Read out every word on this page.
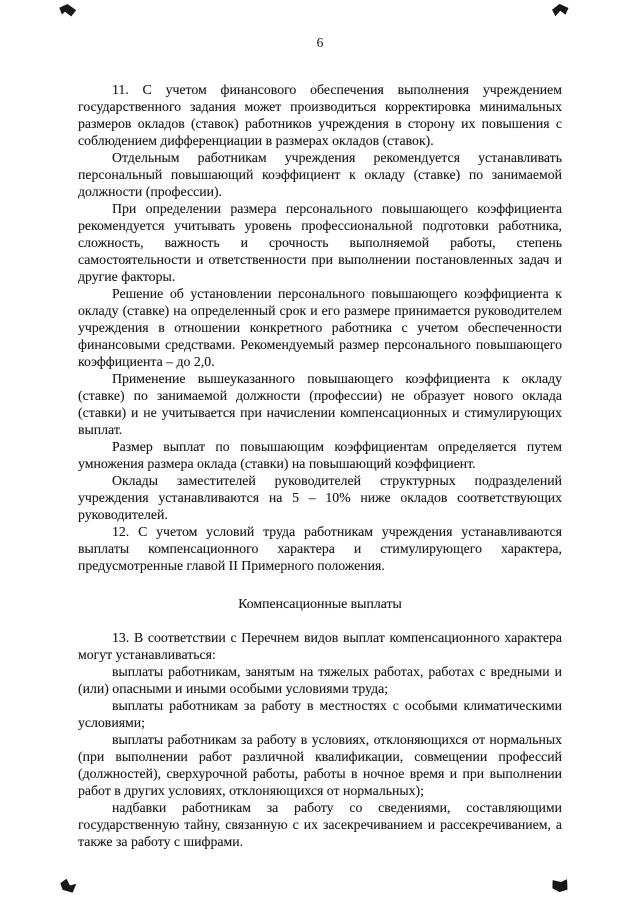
6

11. С учетом финансового обеспечения выполнения учреждением государственного задания может производиться корректировка минимальных размеров окладов (ставок) работников учреждения в сторону их повышения с соблюдением дифференциации в размерах окладов (ставок).

Отдельным работникам учреждения рекомендуется устанавливать персональный повышающий коэффициент к окладу (ставке) по занимаемой должности (профессии).

При определении размера персонального повышающего коэффициента рекомендуется учитывать уровень профессиональной подготовки работника, сложность, важность и срочность выполняемой работы, степень самостоятельности и ответственности при выполнении постановленных задач и другие факторы.

Решение об установлении персонального повышающего коэффициента к окладу (ставке) на определенный срок и его размере принимается руководителем учреждения в отношении конкретного работника с учетом обеспеченности финансовыми средствами. Рекомендуемый размер персонального повышающего коэффициента – до 2,0.

Применение вышеуказанного повышающего коэффициента к окладу (ставке) по занимаемой должности (профессии) не образует нового оклада (ставки) и не учитывается при начислении компенсационных и стимулирующих выплат.

Размер выплат по повышающим коэффициентам определяется путем умножения размера оклада (ставки) на повышающий коэффициент.

Оклады заместителей руководителей структурных подразделений учреждения устанавливаются на 5 – 10% ниже окладов соответствующих руководителей.

12. С учетом условий труда работникам учреждения устанавливаются выплаты компенсационного характера и стимулирующего характера, предусмотренные главой II Примерного положения.

Компенсационные выплаты

13. В соответствии с Перечнем видов выплат компенсационного характера могут устанавливаться:

выплаты работникам, занятым на тяжелых работах, работах с вредными и (или) опасными и иными особыми условиями труда;

выплаты работникам за работу в местностях с особыми климатическими условиями;

выплаты работникам за работу в условиях, отклоняющихся от нормальных (при выполнении работ различной квалификации, совмещении профессий (должностей), сверхурочной работы, работы в ночное время и при выполнении работ в других условиях, отклоняющихся от нормальных);

надбавки работникам за работу со сведениями, составляющими государственную тайну, связанную с их засекречиванием и рассекречиванием, а также за работу с шифрами.
